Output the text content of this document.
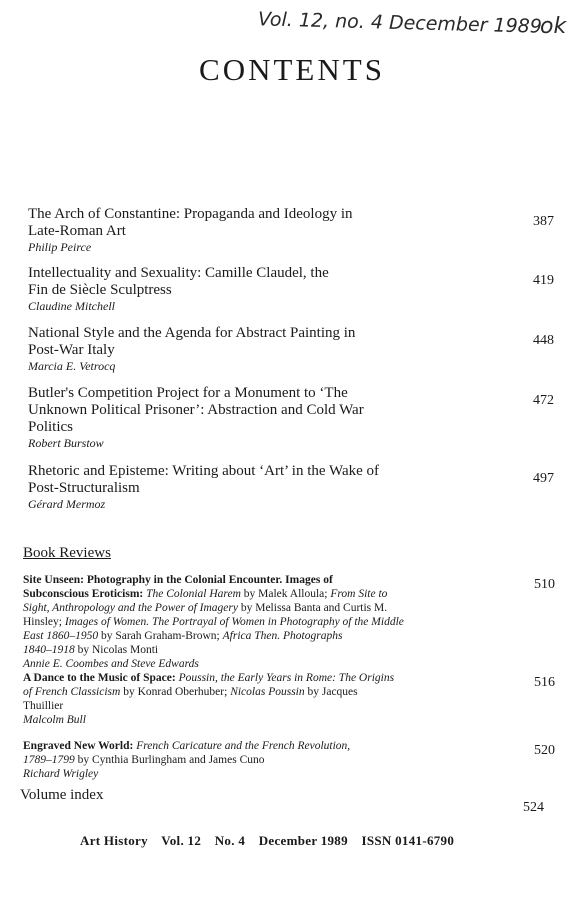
Vol. 12, no. 4 December 1989
ok
CONTENTS
The Arch of Constantine: Propaganda and Ideology in
Late-Roman Art
Philip Peirce
387
Intellectuality and Sexuality: Camille Claudel, the
Fin de Siècle Sculptress
Claudine Mitchell
419
National Style and the Agenda for Abstract Painting in
Post-War Italy
Marcia E. Vetrocq
448
Butler's Competition Project for a Monument to ‘The
Unknown Political Prisoner’: Abstraction and Cold War
Politics
Robert Burstow
472
Rhetoric and Episteme: Writing about ‘Art’ in the Wake of
Post-Structuralism
Gérard Mermoz
497
Book Reviews
Site Unseen: Photography in the Colonial Encounter. Images of
Subconscious Eroticism: The Colonial Harem by Malek Alloula; From Site to
Sight, Anthropology and the Power of Imagery by Melissa Banta and Curtis M.
Hinsley; Images of Women. The Portrayal of Women in Photography of the Middle
East 1860–1950 by Sarah Graham-Brown; Africa Then. Photographs
1840–1918 by Nicolas Monti
Annie E. Coombes and Steve Edwards
510
A Dance to the Music of Space: Poussin, the Early Years in Rome: The Origins
of French Classicism by Konrad Oberhuber; Nicolas Poussin by Jacques
Thuillier
Malcolm Bull
516
Engraved New World: French Caricature and the French Revolution,
1789–1799 by Cynthia Burlingham and James Cuno
Richard Wrigley
520
Volume index
524
Art History Vol. 12 No. 4 December 1989 ISSN 0141-6790
